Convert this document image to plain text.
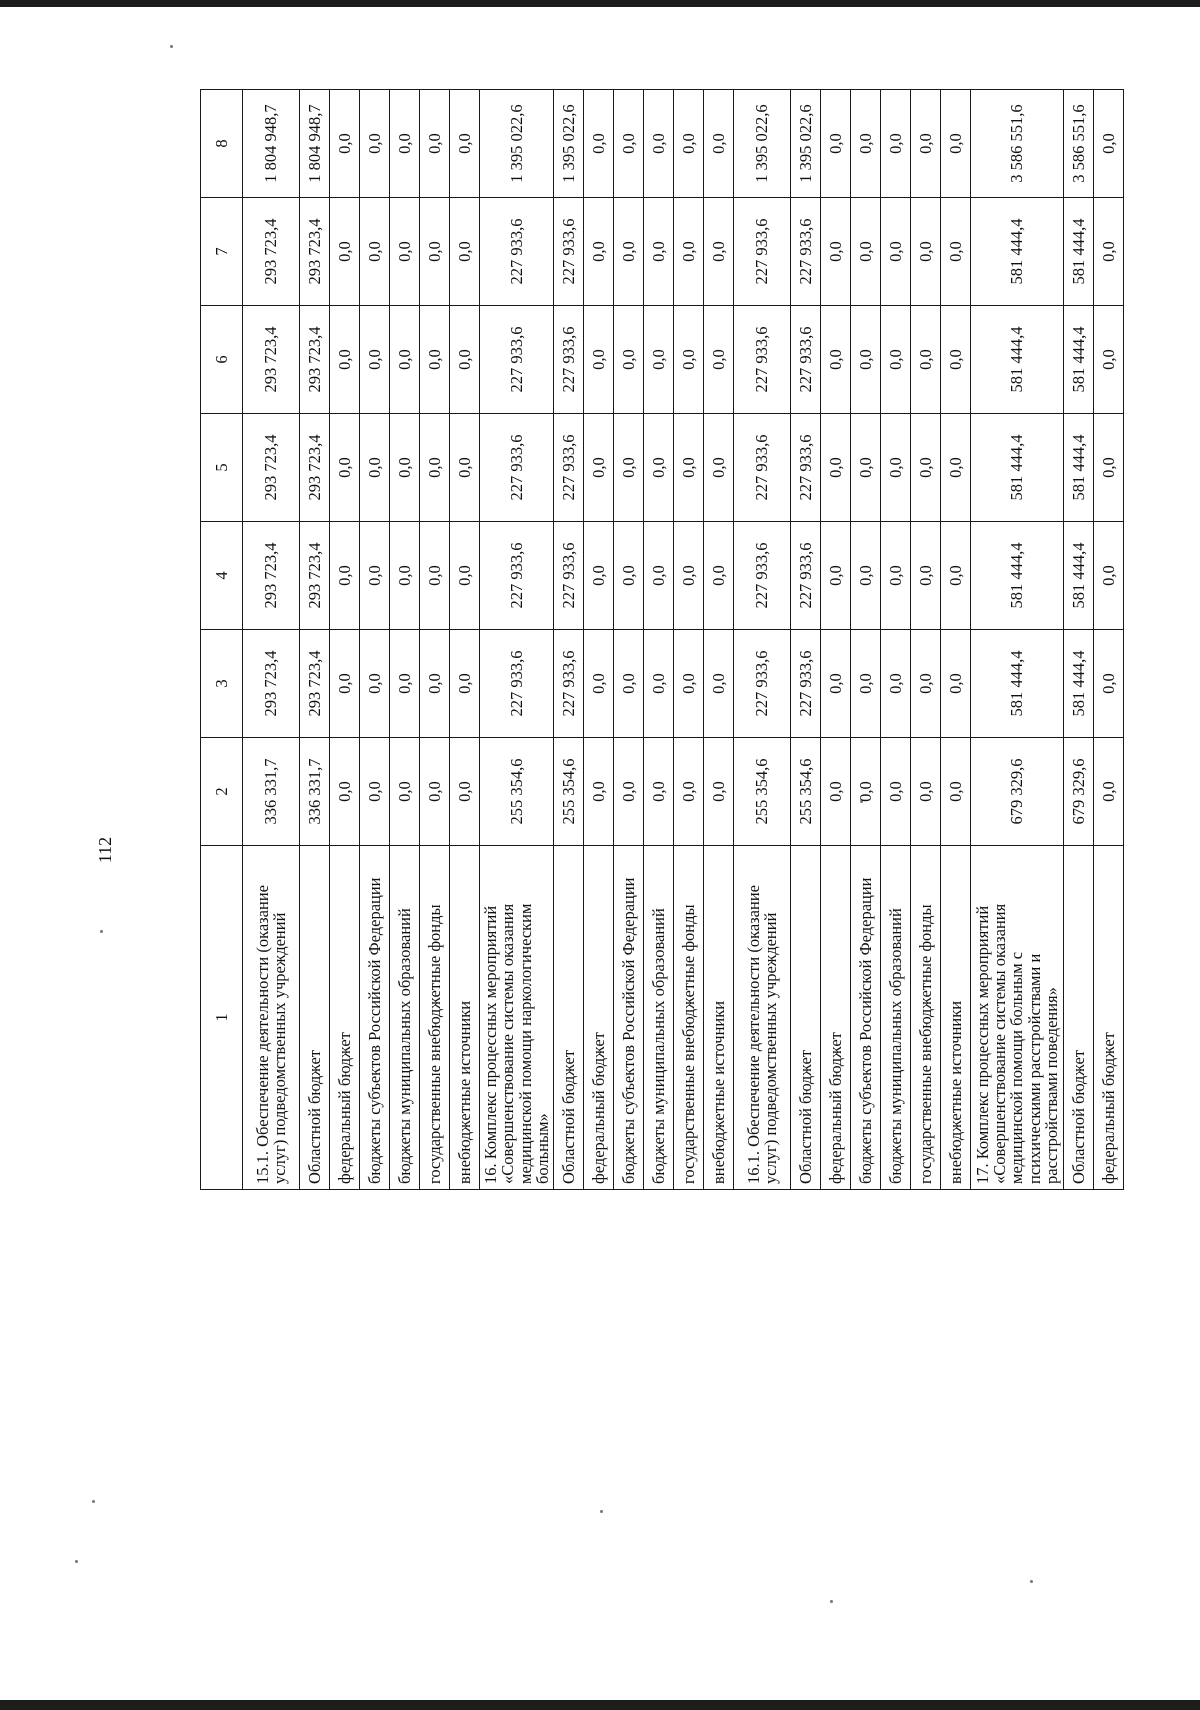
112
1	2	3	4	5	6	7	8
15.1. Обеспечение деятельности (оказание услуг) подведомственных учреждений	336 331,7	293 723,4	293 723,4	293 723,4	293 723,4	293 723,4	1 804 948,7
Областной бюджет	336 331,7	293 723,4	293 723,4	293 723,4	293 723,4	293 723,4	1 804 948,7
федеральный бюджет	0,0	0,0	0,0	0,0	0,0	0,0	0,0
бюджеты субъектов Российской Федерации	0,0	0,0	0,0	0,0	0,0	0,0	0,0
бюджеты муниципальных образований	0,0	0,0	0,0	0,0	0,0	0,0	0,0
государственные внебюджетные фонды	0,0	0,0	0,0	0,0	0,0	0,0	0,0
внебюджетные источники	0,0	0,0	0,0	0,0	0,0	0,0	0,0
16. Комплекс процессных мероприятий «Совершенствование системы оказания медицинской помощи наркологическим больным»	255 354,6	227 933,6	227 933,6	227 933,6	227 933,6	227 933,6	1 395 022,6
Областной бюджет	255 354,6	227 933,6	227 933,6	227 933,6	227 933,6	227 933,6	1 395 022,6
федеральный бюджет	0,0	0,0	0,0	0,0	0,0	0,0	0,0
бюджеты субъектов Российской Федерации	0,0	0,0	0,0	0,0	0,0	0,0	0,0
бюджеты муниципальных образований	0,0	0,0	0,0	0,0	0,0	0,0	0,0
государственные внебюджетные фонды	0,0	0,0	0,0	0,0	0,0	0,0	0,0
внебюджетные источники	0,0	0,0	0,0	0,0	0,0	0,0	0,0
16.1. Обеспечение деятельности (оказание услуг) подведомственных учреждений	255 354,6	227 933,6	227 933,6	227 933,6	227 933,6	227 933,6	1 395 022,6
Областной бюджет	255 354,6	227 933,6	227 933,6	227 933,6	227 933,6	227 933,6	1 395 022,6
федеральный бюджет	0,0	0,0	0,0	0,0	0,0	0,0	0,0
бюджеты субъектов Российской Федерации	0,0	0,0	0,0	0,0	0,0	0,0	0,0
бюджеты муниципальных образований	0,0	0,0	0,0	0,0	0,0	0,0	0,0
государственные внебюджетные фонды	0,0	0,0	0,0	0,0	0,0	0,0	0,0
внебюджетные источники	0,0	0,0	0,0	0,0	0,0	0,0	0,0
17. Комплекс процессных мероприятий «Совершенствование системы оказания медицинской помощи больным с психическими расстройствами и расстройствами поведения»	679 329,6	581 444,4	581 444,4	581 444,4	581 444,4	581 444,4	3 586 551,6
Областной бюджет	679 329,6	581 444,4	581 444,4	581 444,4	581 444,4	581 444,4	3 586 551,6
федеральный бюджет	0,0	0,0	0,0	0,0	0,0	0,0	0,0
